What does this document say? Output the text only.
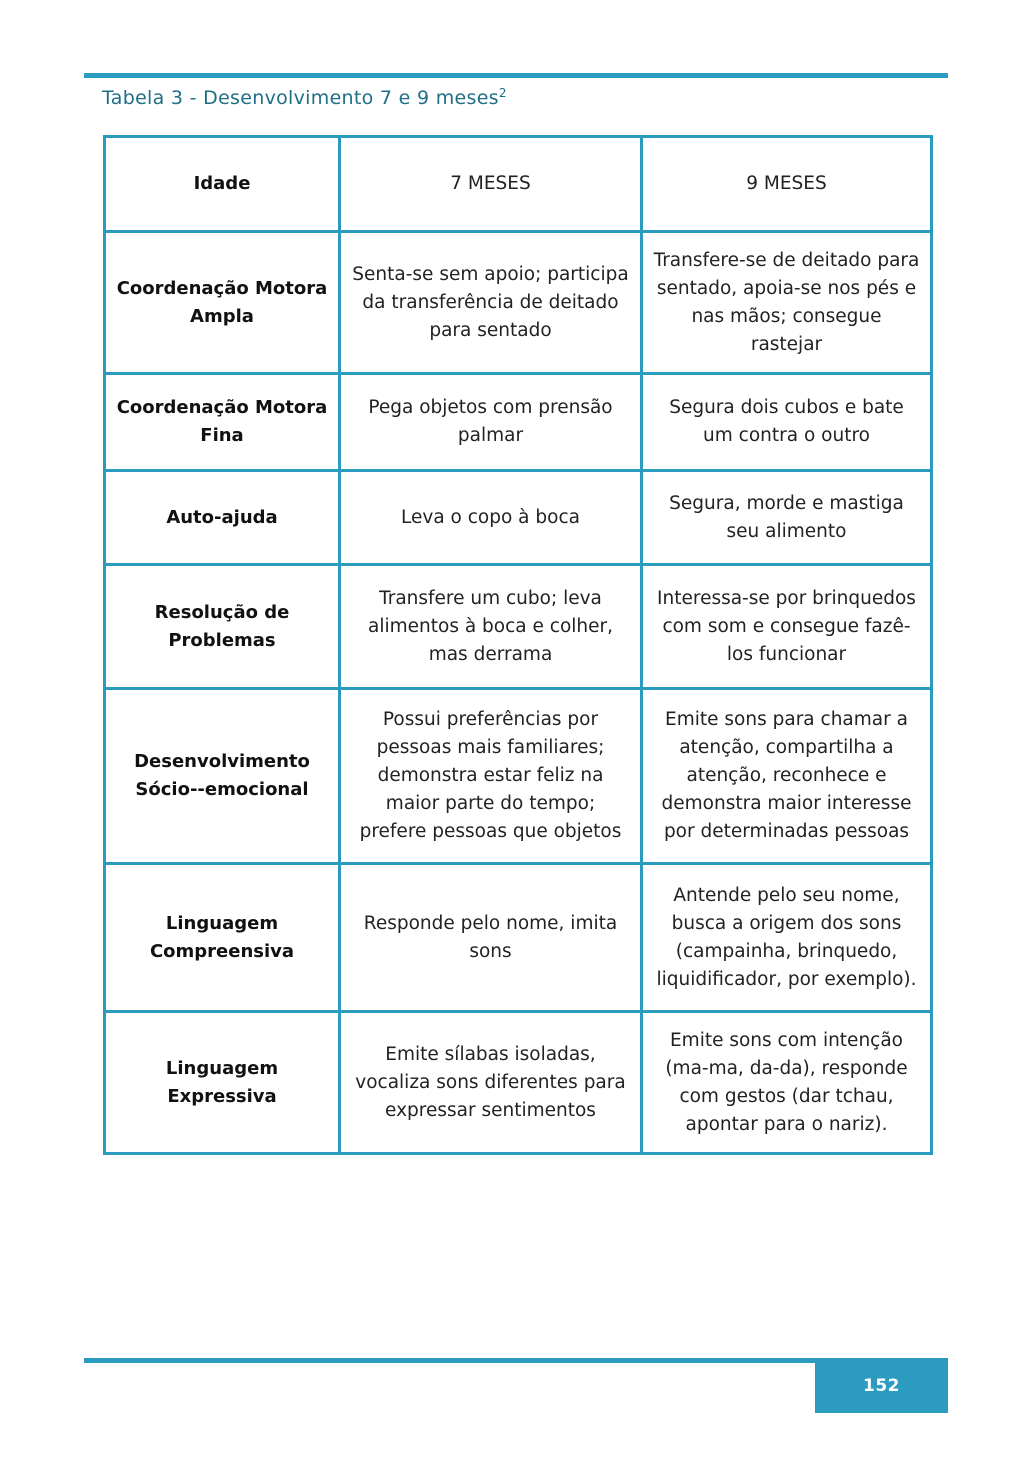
Tabela 3 - Desenvolvimento 7 e 9 meses$^2$
Idade	7 MESES	9 MESES
Coordenação Motora Ampla	Senta-se sem apoio; participa da transferência de deitado para sentado	Transfere-se de deitado para sentado, apoia-se nos pés e nas mãos; consegue rastejar
Coordenação Motora Fina	Pega objetos com prensão palmar	Segura dois cubos e bate um contra o outro
Auto-ajuda	Leva o copo à boca	Segura, morde e mastiga seu alimento
Resolução de Problemas	Transfere um cubo; leva alimentos à boca e colher, mas derrama	Interessa-se por brinquedos com som e consegue fazê-los funcionar
Desenvolvimento Sócio--emocional	Possui preferências por pessoas mais familiares; demonstra estar feliz na maior parte do tempo; prefere pessoas que objetos	Emite sons para chamar a atenção, compartilha a atenção, reconhece e demonstra maior interesse por determinadas pessoas
Linguagem Compreensiva	Responde pelo nome, imita sons	Antende pelo seu nome, busca a origem dos sons (campainha, brinquedo, liquidificador, por exemplo).
Linguagem Expressiva	Emite sílabas isoladas, vocaliza sons diferentes para expressar sentimentos	Emite sons com intenção (ma-ma, da-da), responde com gestos (dar tchau, apontar para o nariz).
152
